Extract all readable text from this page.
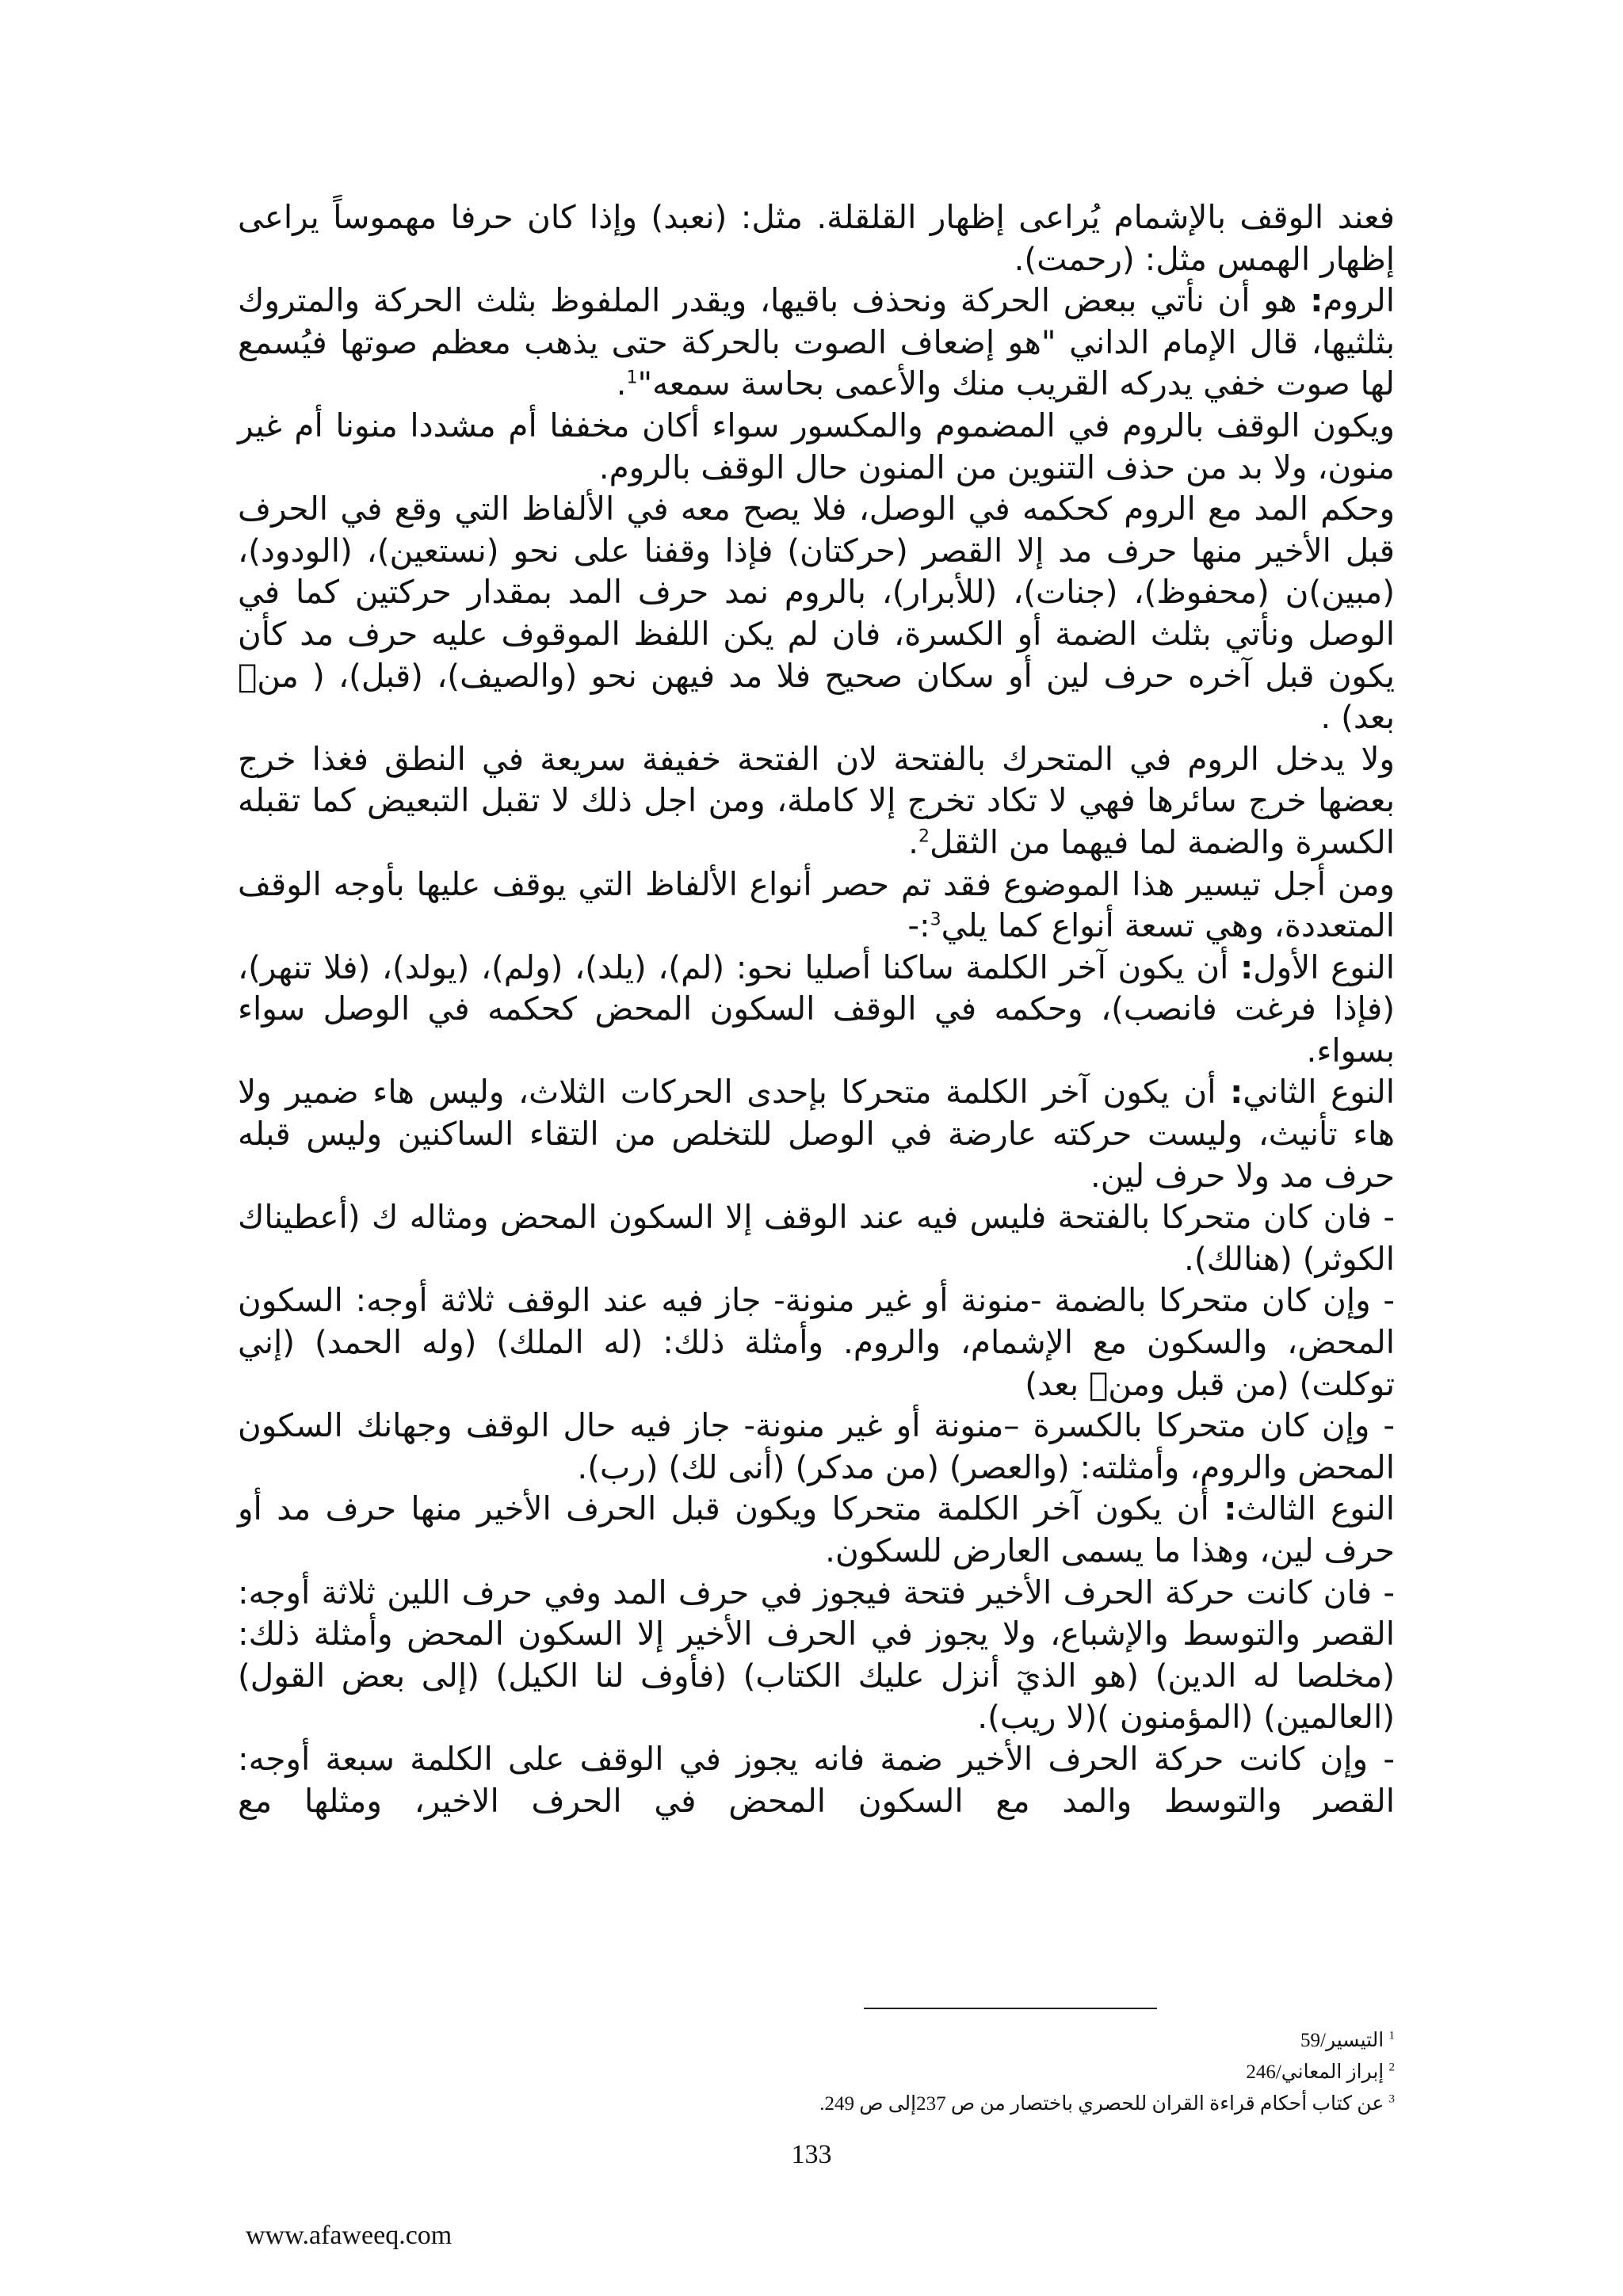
فعند الوقف بالإشمام يُراعى إظهار القلقلة. مثل: (نعبد) وإذا كان حرفا مهموساً يراعى إظهار الهمس مثل: (رحمت).

الروم: هو أن نأتي ببعض الحركة ونحذف باقيها، ويقدر الملفوظ بثلث الحركة والمتروك بثلثيها، قال الإمام الداني "هو إضعاف الصوت بالحركة حتى يذهب معظم صوتها فيُسمع لها صوت خفي يدركه القريب منك والأعمى بحاسة سمعه"$^1$.

ويكون الوقف بالروم في المضموم والمكسور سواء أكان مخففا أم مشددا منونا أم غير منون، ولا بد من حذف التنوين من المنون حال الوقف بالروم.

وحكم المد مع الروم كحكمه في الوصل، فلا يصح معه في الألفاظ التي وقع في الحرف قبل الأخير منها حرف مد إلا القصر (حركتان) فإذا وقفنا على نحو (نستعين)، (الودود)، (مبين)ن (محفوظ)، (جنات)، (للأبرار)، بالروم نمد حرف المد بمقدار حركتين كما في الوصل ونأتي بثلث الضمة أو الكسرة، فان لم يكن اللفظ الموقوف عليه حرف مد كأن يكون قبل آخره حرف لين أو سكان صحيح فلا مد فيهن نحو (والصيف)، (قبل)، ( منۢ بعد) .

ولا يدخل الروم في المتحرك بالفتحة لان الفتحة خفيفة سريعة في النطق فغذا خرج بعضها خرج سائرها فهي لا تكاد تخرج إلا كاملة، ومن اجل ذلك لا تقبل التبعيض كما تقبله الكسرة والضمة لما فيهما من الثقل$^2$.

ومن أجل تيسير هذا الموضوع فقد تم حصر أنواع الألفاظ التي يوقف عليها بأوجه الوقف المتعددة، وهي تسعة أنواع كما يلي$^3$:-

النوع الأول: أن يكون آخر الكلمة ساكنا أصليا نحو: (لم)، (يلد)، (ولم)، (يولد)، (فلا تنهر)، (فإذا فرغت فانصب)، وحكمه في الوقف السكون المحض كحكمه في الوصل سواء بسواء.

النوع الثاني: أن يكون آخر الكلمة متحركا بإحدى الحركات الثلاث، وليس هاء ضمير ولا هاء تأنيث، وليست حركته عارضة في الوصل للتخلص من التقاء الساكنين وليس قبله حرف مد ولا حرف لين.

- فان كان متحركا بالفتحة فليس فيه عند الوقف إلا السكون المحض ومثاله ك (أعطيناك الكوثر) (هنالك).

- وإن كان متحركا بالضمة -منونة أو غير منونة- جاز فيه عند الوقف ثلاثة أوجه: السكون المحض، والسكون مع الإشمام، والروم. وأمثلة ذلك: (له الملك) (وله الحمد) (إني توكلت) (من قبل ومنۢ بعد)

- وإن كان متحركا بالكسرة –منونة أو غير منونة- جاز فيه حال الوقف وجهانك السكون المحض والروم، وأمثلته: (والعصر) (من مدكر) (أنى لك) (رب).

النوع الثالث: أن يكون آخر الكلمة متحركا ويكون قبل الحرف الأخير منها حرف مد أو حرف لين، وهذا ما يسمى العارض للسكون.

- فان كانت حركة الحرف الأخير فتحة فيجوز في حرف المد وفي حرف اللين ثلاثة أوجه: القصر والتوسط والإشباع، ولا يجوز في الحرف الأخير إلا السكون المحض وأمثلة ذلك: (مخلصا له الدين) (هو الذيٓ أنزل عليك الكتاب) (فأوف لنا الكيل) (إلى بعض القول) (العالمين) (المؤمنون )(لا ريب).

- وإن كانت حركة الحرف الأخير ضمة فانه يجوز في الوقف على الكلمة سبعة أوجه: القصر والتوسط والمد مع السكون المحض في الحرف الاخير، ومثلها مع

$^1$ التيسير/59
$^2$ إبراز المعاني/246
$^3$ عن كتاب أحكام قراءة القران للحصري باختصار من ص 237إلى ص 249.
133
www.afaweeq.com
